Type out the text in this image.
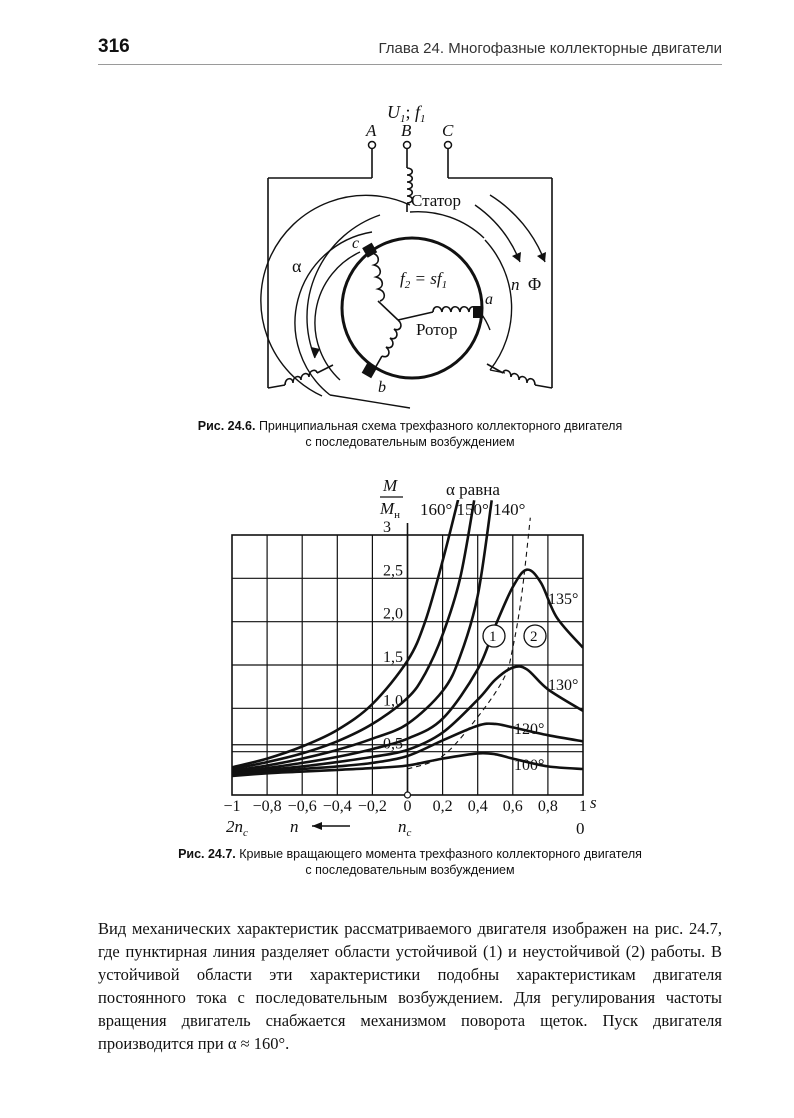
316	Глава 24. Многофазные коллекторные двигатели
$U_1$; $f_1$
A B C
Статор
Ротор
α
n Φ
a
b
c
$f_2 = sf_1$
Рис. 24.6. Принципиальная схема трехфазного коллекторного двигателя
с последовательным возбуждением
−1 −0,8 −0,6 −0,4 −0,2 0 0,2 0,4 0,6 0,8 1
0,5
1,0
1,5
2,0
2,5
3
135°
130°
120°
100°
M
$M_н$
α равна
160° 150° 140°
$2n_c$ n	$n_c$
s
0
1 2
Рис. 24.7. Кривые вращающего момента трехфазного коллекторного двигателя
с последовательным возбуждением

Вид механических характеристик рассматриваемого двигателя изображен на рис. 24.7, где пунктирная линия разделяет области устойчивой (1) и неустойчивой (2) работы. В устойчивой области эти характеристики подобны характеристикам двигателя постоянного тока с последовательным возбуждением. Для регулирования частоты вращения двигатель снабжается механизмом поворота щеток. Пуск двигателя производится при α ≈ 160°.
